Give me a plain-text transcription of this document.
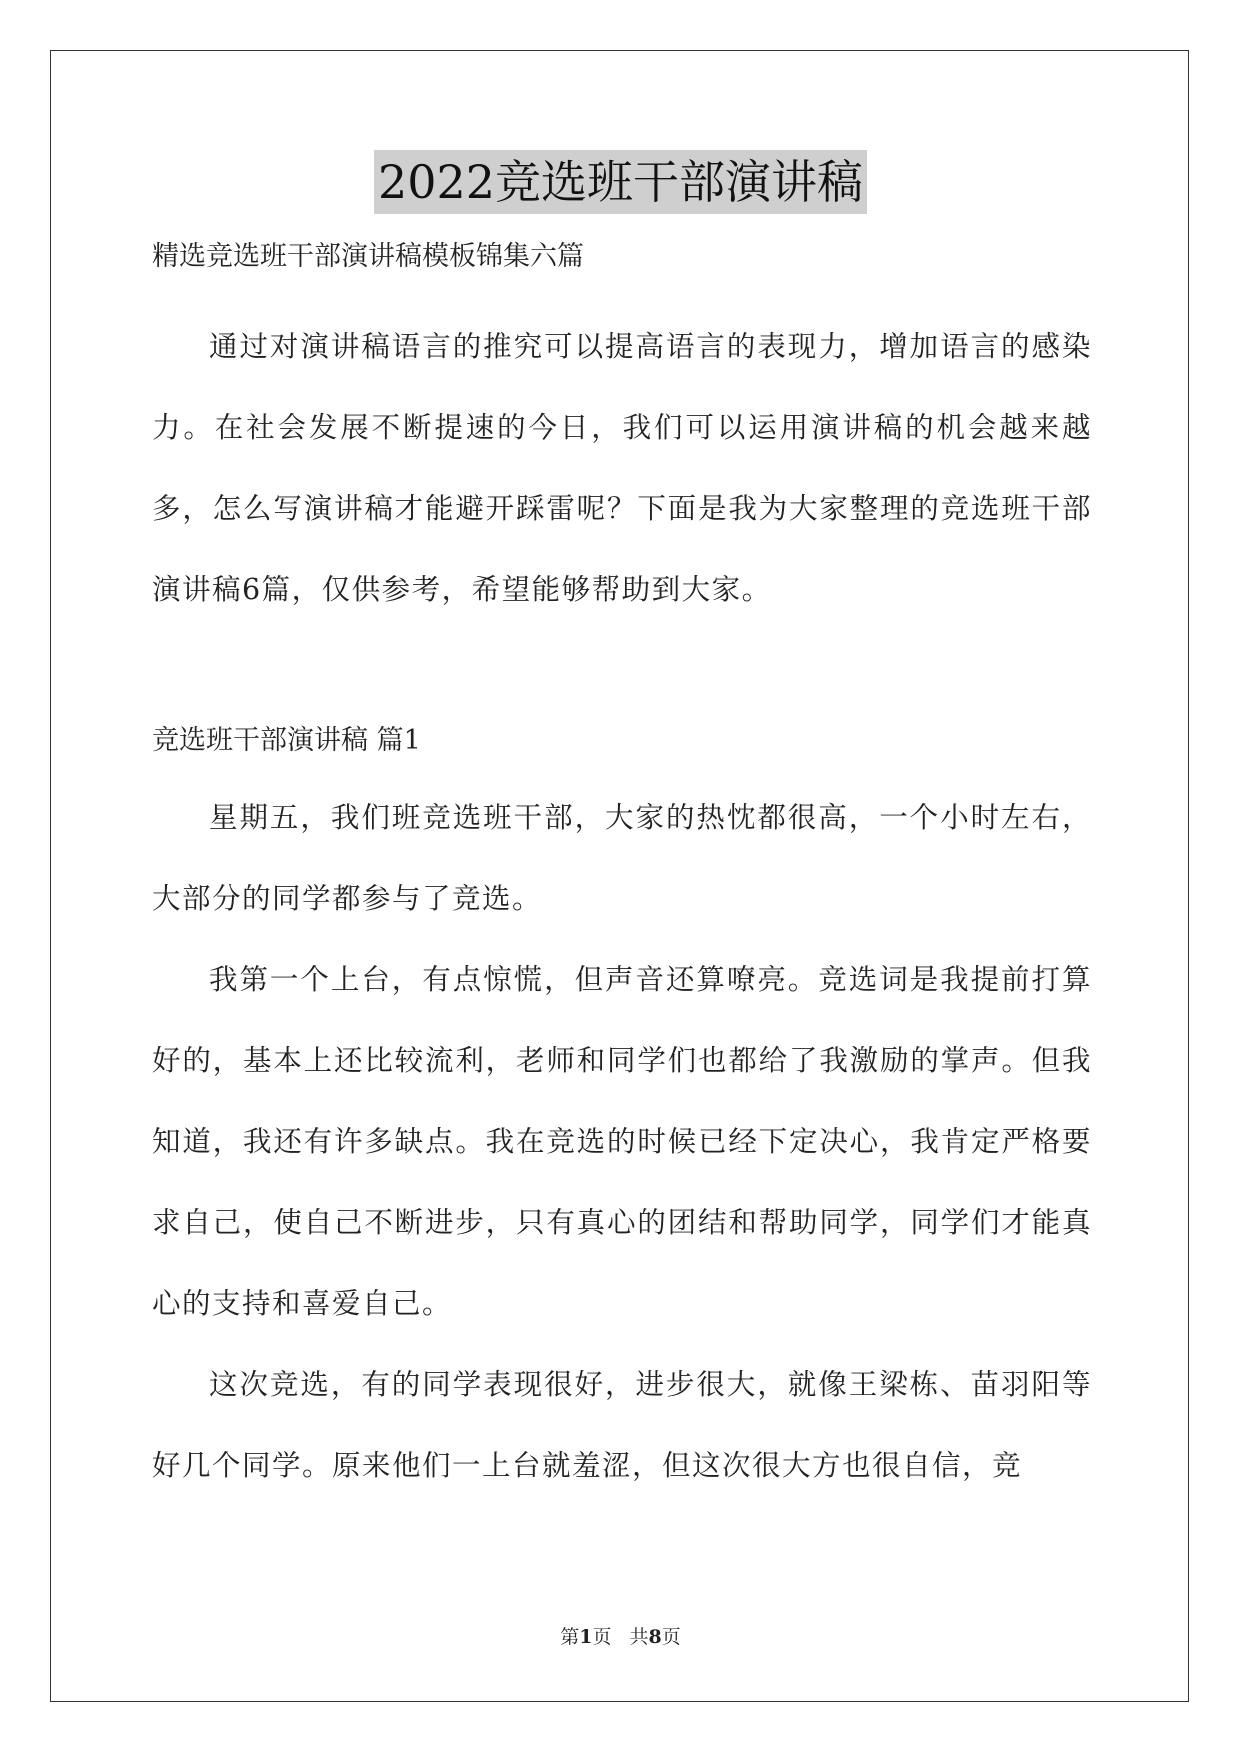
2022竞选班干部演讲稿

精选竞选班干部演讲稿模板锦集六篇

通过对演讲稿语言的推究可以提高语言的表现力，增加语言的感染力。在社会发展不断提速的今日，我们可以运用演讲稿的机会越来越多，怎么写演讲稿才能避开踩雷呢？下面是我为大家整理的竞选班干部演讲稿6篇，仅供参考，希望能够帮助到大家。

竞选班干部演讲稿 篇1

星期五，我们班竞选班干部，大家的热忱都很高，一个小时左右，大部分的同学都参与了竞选。

我第一个上台，有点惊慌，但声音还算嘹亮。竞选词是我提前打算好的，基本上还比较流利，老师和同学们也都给了我激励的掌声。但我知道，我还有许多缺点。我在竞选的时候已经下定决心，我肯定严格要求自己，使自己不断进步，只有真心的团结和帮助同学，同学们才能真心的支持和喜爱自己。

这次竞选，有的同学表现很好，进步很大，就像王梁栋、苗羽阳等好几个同学。原来他们一上台就羞涩，但这次很大方也很自信，竞

第1页 共8页
